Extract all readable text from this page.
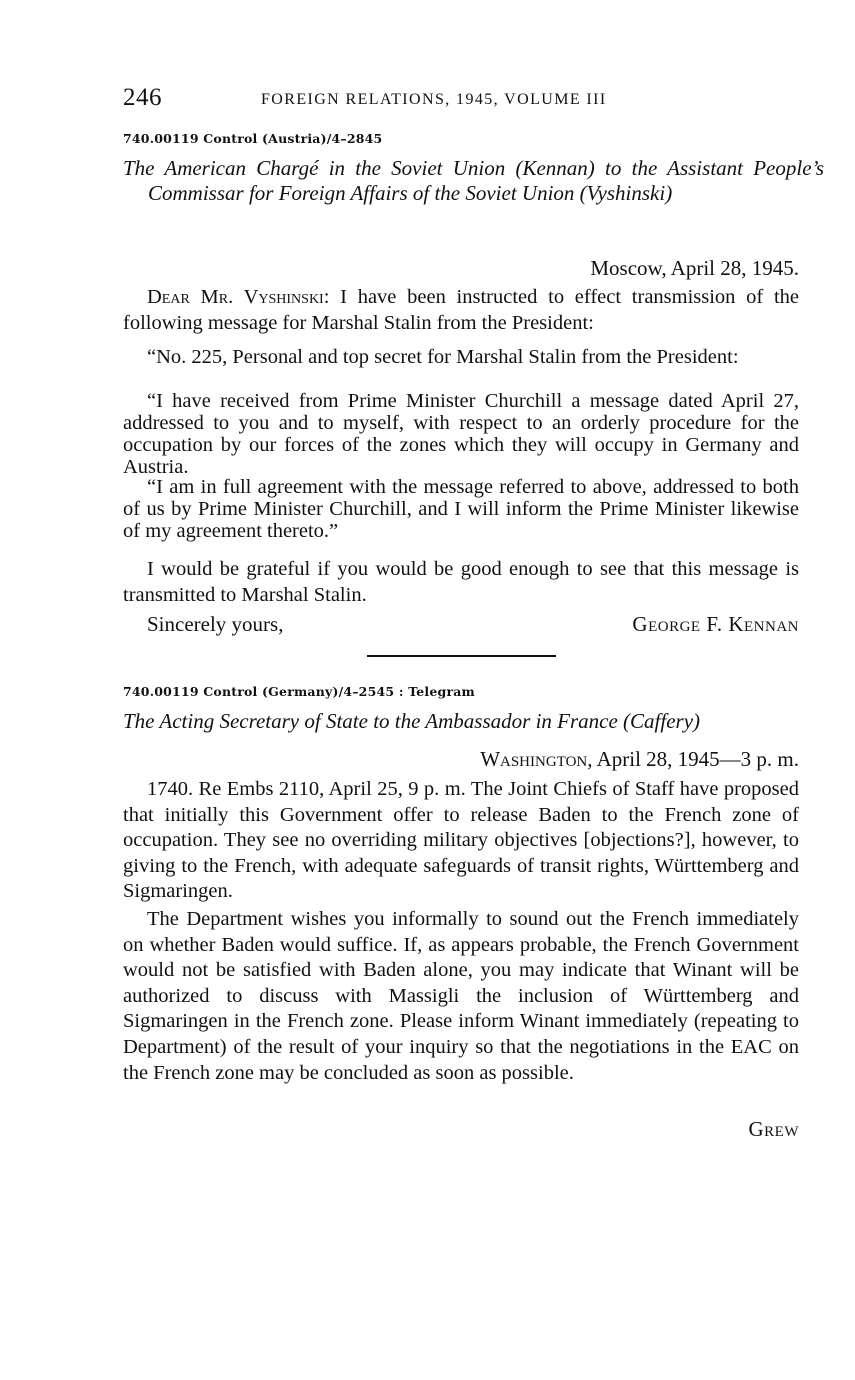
246	FOREIGN RELATIONS, 1945, VOLUME III
740.00119 Control (Austria)/4–2845
The American Chargé in the Soviet Union (Kennan) to the Assistant People’s Commissar for Foreign Affairs of the Soviet Union (Vyshinski)
Moscow, April 28, 1945.

Dear Mr. Vyshinski: I have been instructed to effect transmission of the following message for Marshal Stalin from the President:

“No. 225, Personal and top secret for Marshal Stalin from the President:

“I have received from Prime Minister Churchill a message dated April 27, addressed to you and to myself, with respect to an orderly procedure for the occupation by our forces of the zones which they will occupy in Germany and Austria.

“I am in full agreement with the message referred to above, addressed to both of us by Prime Minister Churchill, and I will inform the Prime Minister likewise of my agreement thereto.”

I would be grateful if you would be good enough to see that this message is transmitted to Marshal Stalin.

Sincerely yours,	George F. Kennan
740.00119 Control (Germany)/4–2545 : Telegram
The Acting Secretary of State to the Ambassador in France (Caffery)
Washington, April 28, 1945—3 p. m.

1740. Re Embs 2110, April 25, 9 p. m. The Joint Chiefs of Staff have proposed that initially this Government offer to release Baden to the French zone of occupation. They see no overriding military objectives [objections?], however, to giving to the French, with adequate safeguards of transit rights, Württemberg and Sigmaringen.

The Department wishes you informally to sound out the French immediately on whether Baden would suffice. If, as appears probable, the French Government would not be satisfied with Baden alone, you may indicate that Winant will be authorized to discuss with Massigli the inclusion of Württemberg and Sigmaringen in the French zone. Please inform Winant immediately (repeating to Department) of the result of your inquiry so that the negotiations in the EAC on the French zone may be concluded as soon as possible.

Grew
